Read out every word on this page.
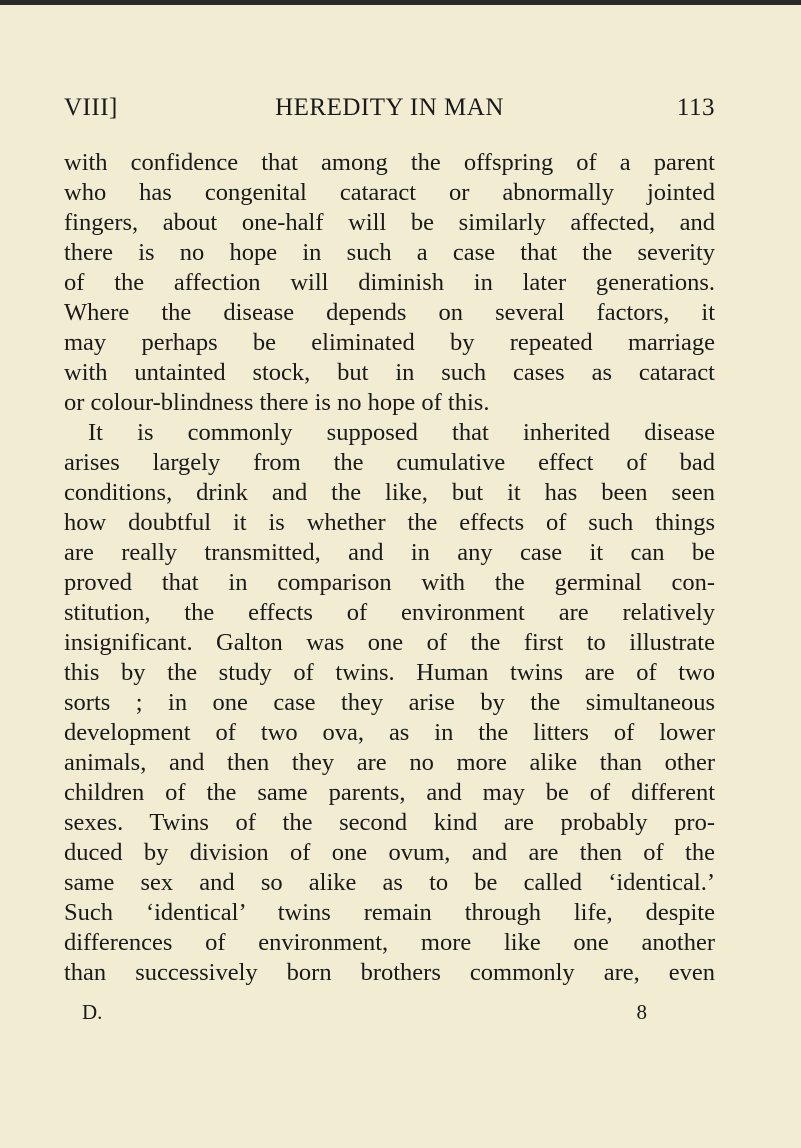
VIII]	HEREDITY IN MAN	113
with confidence that among the offspring of a parent
who has congenital cataract or abnormally jointed
fingers, about one-half will be similarly affected, and
there is no hope in such a case that the severity
of the affection will diminish in later generations.
Where the disease depends on several factors, it
may perhaps be eliminated by repeated marriage
with untainted stock, but in such cases as cataract
or colour-blindness there is no hope of this.
It is commonly supposed that inherited disease
arises largely from the cumulative effect of bad
conditions, drink and the like, but it has been seen
how doubtful it is whether the effects of such things
are really transmitted, and in any case it can be
proved that in comparison with the germinal con-
stitution, the effects of environment are relatively
insignificant. Galton was one of the first to illustrate
this by the study of twins. Human twins are of two
sorts ; in one case they arise by the simultaneous
development of two ova, as in the litters of lower
animals, and then they are no more alike than other
children of the same parents, and may be of different
sexes. Twins of the second kind are probably pro-
duced by division of one ovum, and are then of the
same sex and so alike as to be called ‘identical.’
Such ‘identical’ twins remain through life, despite
differences of environment, more like one another
than successively born brothers commonly are, even
D.	8
